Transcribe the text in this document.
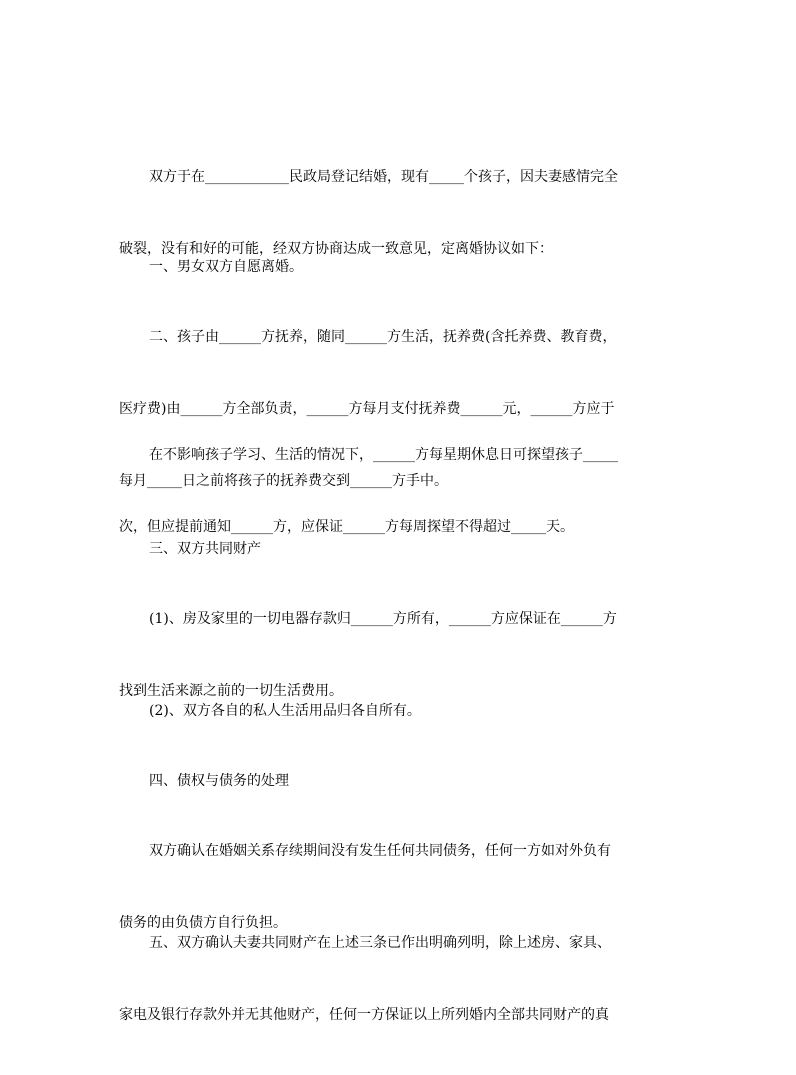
双方于在____________民政局登记结婚，现有_____个孩子，因夫妻感情完全

破裂，没有和好的可能，经双方协商达成一致意见，定离婚协议如下：

一、男女双方自愿离婚。

二、孩子由______方抚养，随同______方生活，抚养费(含托养费、教育费，

医疗费)由______方全部负责，______方每月支付抚养费______元，______方应于

每月_____日之前将孩子的抚养费交到______方手中。

在不影响孩子学习、生活的情况下，______方每星期休息日可探望孩子_____

次，但应提前通知______方，应保证______方每周探望不得超过_____天。

三、双方共同财产

(1)、房及家里的一切电器存款归______方所有，______方应保证在______方

找到生活来源之前的一切生活费用。

(2)、双方各自的私人生活用品归各自所有。

四、债权与债务的处理

双方确认在婚姻关系存续期间没有发生任何共同债务，任何一方如对外负有

债务的由负债方自行负担。

五、双方确认夫妻共同财产在上述三条已作出明确列明，除上述房、家具、

家电及银行存款外并无其他财产，任何一方保证以上所列婚内全部共同财产的真
